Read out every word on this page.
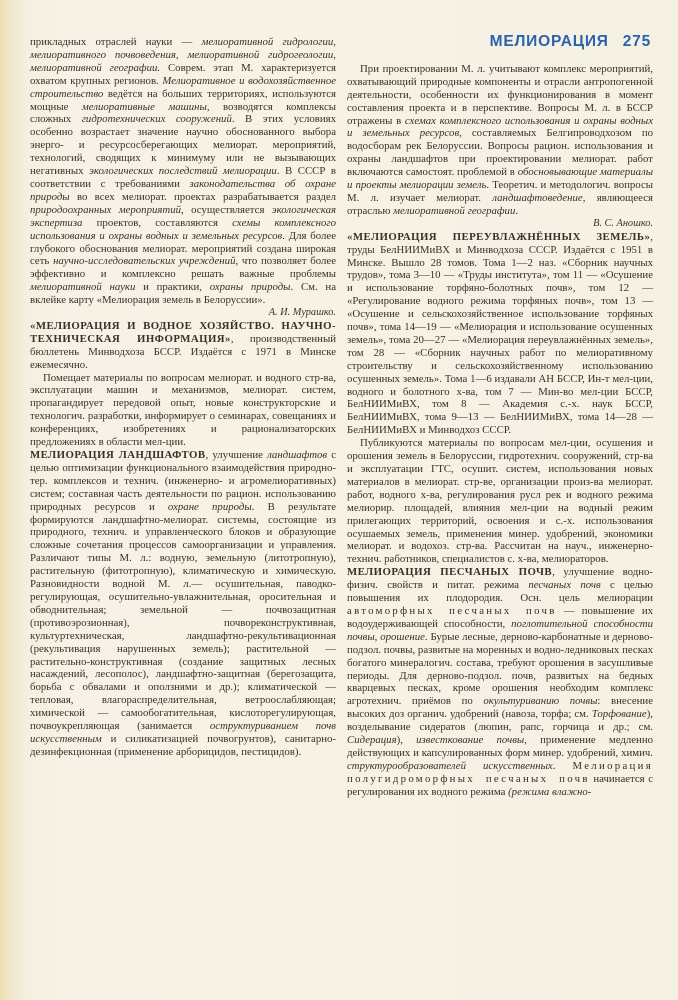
прикладных отраслей науки — мелиоративной гидрологии, мелиоративного почвоведения, мелиоративной гидрогеологии, мелиоративной географии. Соврем. этап М. характеризуется охватом крупных регионов. Мелиоративное и водохозяйственное строительство ведётся на больших территориях, используются мощные мелиоративные машины, возводятся комплексы сложных гидротехнических сооружений. В этих условиях особенно возрастает значение научно обоснованного выбора энерго- и ресурсосберегающих мелиорат. мероприятий, технологий, сводящих к минимуму или не вызывающих негативных экологических последствий мелиорации. В СССР в соответствии с требованиями законодательства об охране природы во всех мелиорат. проектах разрабатывается раздел природоохранных мероприятий, осуществляется экологическая экспертиза проектов, составляются схемы комплексного использования и охраны водных и земельных ресурсов. Для более глубокого обоснования мелиорат. мероприятий создана широкая сеть научно-исследовательских учреждений, что позволяет более эффективно и комплексно решать важные проблемы мелиоративной науки и практики, охраны природы. См. на вклейке карту «Мелиорация земель в Белоруссии».

А. И. Мурашко.

«МЕЛИОРАЦИЯ И ВОДНОЕ ХОЗЯЙСТВО. НАУЧНО-ТЕХНИЧЕСКАЯ ИНФОРМАЦИЯ», производственный бюллетень Минводхоза БССР. Издаётся с 1971 в Минске ежемесячно.

Помещает материалы по вопросам мелиорат. и водного стр-ва, эксплуатации машин и механизмов, мелиорат. систем, пропагандирует передовой опыт, новые конструкторские и технологич. разработки, информирует о семинарах, совещаниях и конференциях, изобретениях и рационализаторских предложениях в области мел-ции.

МЕЛИОРАЦИЯ ЛАНДШАФТОВ, улучшение ландшафтов с целью оптимизации функционального взаимодействия природно-тер. комплексов и технич. (инженерно- и агромелиоративных) систем; составная часть деятельности по рацион. использованию природных ресурсов и охране природы. В результате формируются ландшафтно-мелиорат. системы, состоящие из природного, технич. и управленческого блоков и образующие сложные сочетания процессов самоорганизации и управления. Различают типы М. л.: водную, земельную (литотропную), растительную (фитотропную), климатическую и химическую. Разновидности водной М. л.— осушительная, паводко-регулирующая, осушительно-увлажнительная, оросительная и обводнительная; земельной — почвозащитная (противоэрозионная), почвореконструктивная, культуртехническая, ландшафтно-рекультивационная (рекультивация нарушенных земель); растительной — растительно-конструктивная (создание защитных лесных насаждений, лесополос), ландшафтно-защитная (берегозащита, борьба с обвалами и оползнями и др.); климатической — тепловая, влагораспределительная, ветроослабляющая; химической — самообогатительная, кислоторегулирующая, почвоукрепляющая (занимается оструктуриванием почв искусственным и силикатизацией почвогрунтов), санитарно-дезинфекционная (применение арборицидов, пестицидов).

МЕЛИОРАЦИЯ 275

При проектировании М. л. учитывают комплекс мероприятий, охватывающий природные компоненты и отрасли антропогенной деятельности, особенности их функционирования в момент составления проекта и в перспективе. Вопросы М. л. в БССР отражены в схемах комплексного использования и охраны водных и земельных ресурсов, составляемых Белгипроводхозом по водосборам рек Белоруссии. Вопросы рацион. использования и охраны ландшафтов при проектировании мелиорат. работ включаются самостоят. проблемой в обосновывающие материалы и проекты мелиорации земель. Теоретич. и методологич. вопросы М. л. изучает мелиорат. ландшафтоведение, являющееся отраслью мелиоративной географии.

В. С. Аношко.

«МЕЛИОРАЦИЯ ПЕРЕУВЛАЖНЁННЫХ ЗЕМЕЛЬ», труды БелНИИМиВХ и Минводхоза СССР. Издаётся с 1951 в Минске. Вышло 28 томов. Тома 1—2 наз. «Сборник научных трудов», тома 3—10 — «Труды института», том 11 — «Осушение и использование торфяно-болотных почв», том 12 — «Регулирование водного режима торфяных почв», том 13 — «Осушение и сельскохозяйственное использование торфяных почв», тома 14—19 — «Мелиорация и использование осушенных земель», тома 20—27 — «Мелиорация переувлажнённых земель», том 28 — «Сборник научных работ по мелиоративному строительству и сельскохозяйственному использованию осушенных земель». Тома 1—6 издавали АН БССР, Ин-т мел-ции, водного и болотного х-ва, том 7 — Мин-во мел-ции БССР, БелНИИМиВХ, том 8 — Академия с.-х. наук БССР, БелНИИМиВХ, тома 9—13 — БелНИИМиВХ, тома 14—28 — БелНИИМиВХ и Минводхоз СССР.

Публикуются материалы по вопросам мел-ции, осушения и орошения земель в Белоруссии, гидротехнич. сооружений, стр-ва и эксплуатации ГТС, осушит. систем, использования новых материалов в мелиорат. стр-ве, организации произ-ва мелиорат. работ, водного х-ва, регулирования русл рек и водного режима мелиорир. площадей, влияния мел-ции на водный режим прилегающих территорий, освоения и с.-х. использования осушаемых земель, применения минер. удобрений, экономики мелиорат. и водохоз. стр-ва. Рассчитан на науч., инженерно-технич. работников, специалистов с. х-ва, мелиораторов.

МЕЛИОРАЦИЯ ПЕСЧАНЫХ ПОЧВ, улучшение водно-физич. свойств и питат. режима песчаных почв с целью повышения их плодородия. Осн. цель мелиорации автоморфных песчаных почв — повышение их водоудерживающей способности, поглотительной способности почвы, орошение. Бурые лесные, дерново-карбонатные и дерново-подзол. почвы, развитые на моренных и водно-ледниковых песках богатого минералогич. состава, требуют орошения в засушливые периоды. Для дерново-подзол. почв, развитых на бедных кварцевых песках, кроме орошения необходим комплекс агротехнич. приёмов по окультуриванию почвы: внесение высоких доз органич. удобрений (навоза, торфа; см. Торфование), возделывание сидератов (люпин, рапс, горчица и др.; см. Сидерация), известкование почвы, применение медленно действующих и капсулированных форм минер. удобрений, химич. структурообразователей искусственных. Мелиорация полугидроморфных песчаных почв начинается с регулирования их водного режима (режима влажно-
